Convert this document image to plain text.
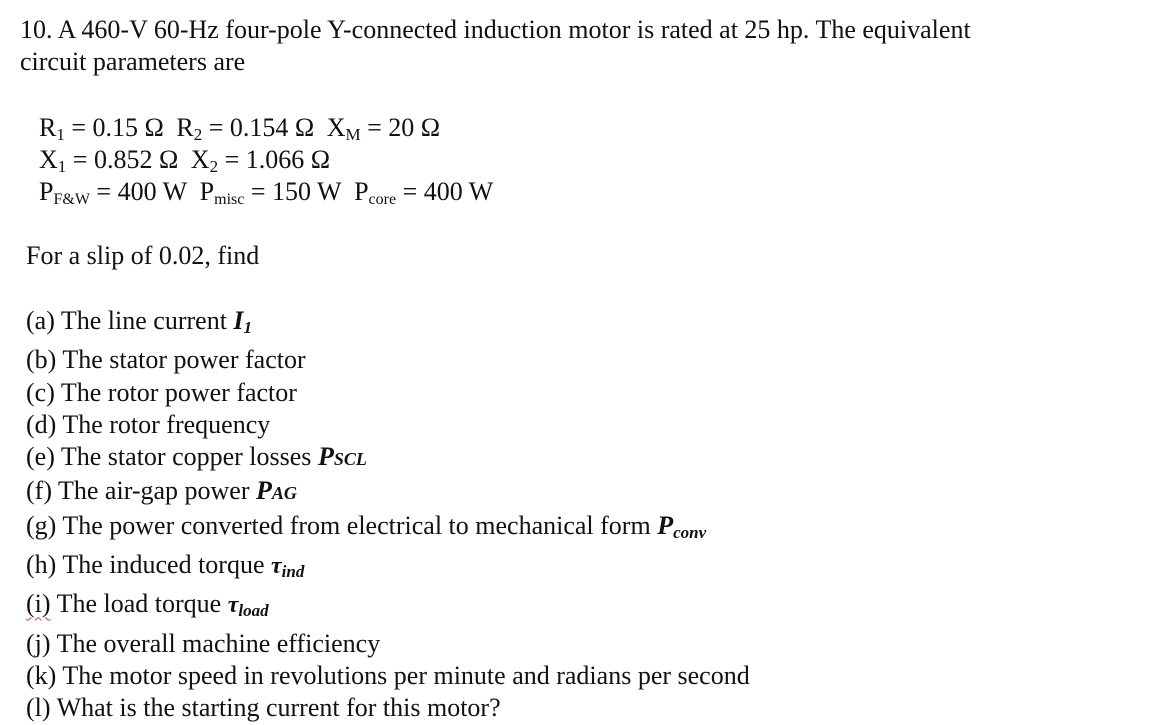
10. A 460-V 60-Hz four-pole Y-connected induction motor is rated at 25 hp. The equivalent
circuit parameters are
$R_1 = 0.15$ Ω $R_2 = 0.154$ Ω $X_M = 20$ Ω
$X_1 = 0.852$ Ω $X_2 = 1.066$ Ω
PF&W = 400 W Pmisc = 150 W Pcore = 400 W
For a slip of 0.02, find
(a) The line current $I_1$
(b) The stator power factor
(c) The rotor power factor
(d) The rotor frequency
(e) The stator copper losses PSCL
(f) The air-gap power PAG
(g) The power converted from electrical to mechanical form $P_{conv}$
(h) The induced torque $\tau_{ind}$
(i) The load torque $\tau_{load}$
(j) The overall machine efficiency
(k) The motor speed in revolutions per minute and radians per second
(l) What is the starting current for this motor?
